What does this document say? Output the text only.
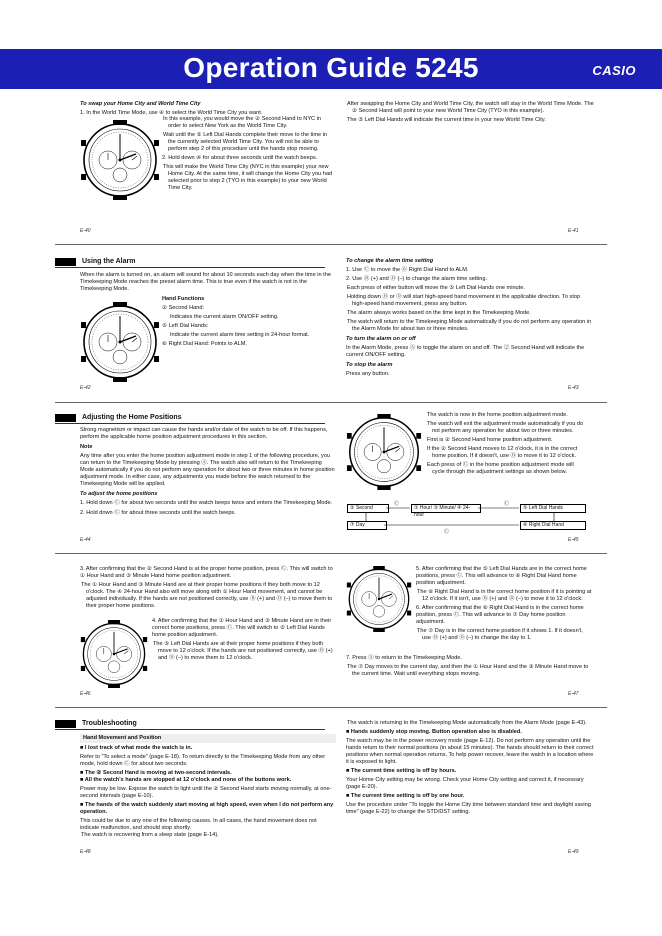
Operation Guide 5245	CASIO

To swap your Home City and World Time City

1. In the World Time Mode, use ④ to select the World Time City you want.

In this example, you would move the ② Second Hand to NYC in order to select New York as the World Time City.

Wait until the ⑤ Left Dial Hands complete their move to the time in the currently selected World Time City. You will not be able to perform step 2 of this procedure until the hands stop moving.

2. Hold down ④ for about three seconds until the watch beeps.

This will make the World Time City (NYC in this example) your new Home City. At the same time, it will change the Home City you had selected prior to step 2 (TYO in this example) to your new World Time City.

E-40

After swapping the Home City and World Time City, the watch will stay in the World Time Mode. The ② Second Hand will point to your new World Time City (TYO in this example).

The ⑤ Left Dial Hands will indicate the current time in your new World Time City.

E-41
Using the Alarm

When the alarm is turned on, an alarm will sound for about 10 seconds each day when the time in the Timekeeping Mode reaches the preset alarm time. This is true even if the watch is not in the Timekeeping Mode.

Hand Functions

② Second Hand:

Indicates the current alarm ON/OFF setting.

⑤ Left Dial Hands:

Indicate the current alarm time setting in 24-hour format.

⑥ Right Dial Hand: Points to ALM.

E-42

To change the alarm time setting

1. Use Ⓒ to move the ⑥ Right Dial Hand to ALM.

2. Use Ⓑ (+) and Ⓓ (–) to change the alarm time setting.

Each press of either button will move the ⑤ Left Dial Hands one minute.

Holding down Ⓑ or Ⓓ will start high-speed hand movement in the applicable direction. To stop high-speed hand movement, press any button.

The alarm always works based on the time kept in the Timekeeping Mode.

The watch will return to the Timekeeping Mode automatically if you do not perform any operation in the Alarm Mode for about two or three minutes.

To turn the alarm on or off

In the Alarm Mode, press Ⓐ to toggle the alarm on and off. The ② Second Hand will indicate the current ON/OFF setting.

To stop the alarm

Press any button.

E-43
Adjusting the Home Positions

Strong magnetism or impact can cause the hands and/or date of the watch to be off. If this happens, perform the applicable home position adjustment procedures in this section.

Note

Any time after you enter the home position adjustment mode in step 1 of the following procedure, you can return to the Timekeeping Mode by pressing Ⓐ. The watch also will return to the Timekeeping Mode automatically if you do not perform any operation for about two or three minutes in home position adjustment mode. In either case, any adjustments you made before the watch returned to the Timekeeping Mode will be applied.

To adjust the home positions

1. Hold down Ⓒ for about two seconds until the watch beeps twice and enters the Timekeeping Mode.

2. Hold down Ⓒ for about three seconds until the watch beeps.

E-44

The watch is now in the home position adjustment mode.

The watch will exit the adjustment mode automatically if you do not perform any operation for about two or three minutes.

First is ② Second Hand home position adjustment.

If the ② Second Hand moves to 12 o'clock, it is in the correct home position. If it doesn't, use Ⓑ to move it to 12 o'clock.

Each press of Ⓒ in the home position adjustment mode will cycle through the adjustment settings as shown below.

② Second	① Hour/ ③ Minute/ ④ 24-hour
⑤ Left Dial Hands
⑦ Day	⑥ Right Dial Hand
Ⓒ	Ⓒ
Ⓒ
E-45

3. After confirming that the ② Second Hand is at the proper home position, press Ⓒ. This will switch to ① Hour Hand and ③ Minute Hand home position adjustment.

The ① Hour Hand and ③ Minute Hand are at their proper home positions if they both move to 12 o'clock. The ④ 24-hour Hand also will move along with ① Hour Hand movement, and cannot be adjusted individually. If the hands are not positioned correctly, use Ⓑ (+) and Ⓓ (–) to move them to their proper home positions.

4. After confirming that the ① Hour Hand and ③ Minute Hand are in their correct home positions, press Ⓒ. This will switch to ⑤ Left Dial Hands home position adjustment.

The ⑤ Left Dial Hands are at their proper home positions if they both move to 12 o'clock. If the hands are not positioned correctly, use Ⓑ (+) and Ⓓ (–) to move them to 12 o'clock.

E-46

5. After confirming that the ⑤ Left Dial Hands are in the correct home positions, press Ⓒ. This will advance to ⑥ Right Dial Hand home position adjustment.

The ⑥ Right Dial Hand is in the correct home position if it is pointing at 12 o'clock. If it isn't, use Ⓑ (+) and Ⓓ (–) to move it to 12 o'clock.

6. After confirming that the ⑥ Right Dial Hand is in the correct home position, press Ⓒ. This will advance to ⑦ Day home position adjustment.

The ⑦ Day is in the correct home position if it shows 1. If it doesn't, use Ⓑ (+) and Ⓓ (–) to change the day to 1.

7. Press Ⓐ to return to the Timekeeping Mode.

The ⑦ Day moves to the current day, and then the ① Hour Hand and the ③ Minute Hand move to the current time. Wait until everything stops moving.

E-47
Troubleshooting

Hand Movement and Position

■ I lost track of what mode the watch is in.

Refer to "To select a mode" (page E-18). To return directly to the Timekeeping Mode from any other mode, hold down Ⓒ for about two seconds.

■ The ② Second Hand is moving at two-second intervals.

■ All the watch's hands are stopped at 12 o'clock and none of the buttons work.

Power may be low. Expose the watch to light until the ② Second Hand starts moving normally, at one-second intervals (page E-10).

■ The hands of the watch suddenly start moving at high speed, even when I do not perform any operation.

This could be due to any one of the following causes. In all cases, the hand movement does not indicate malfunction, and should stop shortly.

The watch is recovering from a sleep state (page E-14).

E-48

The watch is returning to the Timekeeping Mode automatically from the Alarm Mode (page E-43).

■ Hands suddenly stop moving. Button operation also is disabled.

The watch may be in the power recovery mode (page E-12). Do not perform any operation until the hands return to their normal positions (in about 15 minutes). The hands should return to their correct positions when normal operation returns. To help power recover, leave the watch in a location where it is exposed to light.

■ The current time setting is off by hours.

Your Home City setting may be wrong. Check your Home City setting and correct it, if necessary (page E-20).

■ The current time setting is off by one hour.

Use the procedure under "To toggle the Home City time between standard time and daylight saving time" (page E-22) to change the STD/DST setting.

E-49
